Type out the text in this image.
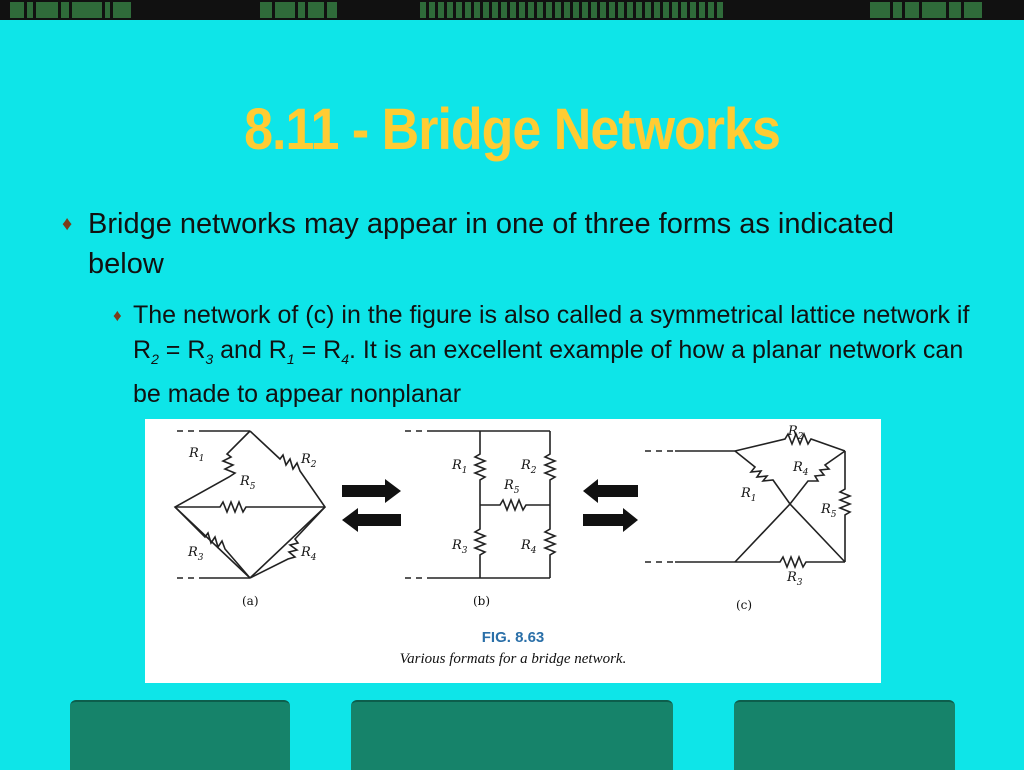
8.11 - Bridge Networks
♦ Bridge networks may appear in one of three forms as indicated below
♦ The network of (c) in the figure is also called a symmetrical lattice network if $R_2 = R_3$ and $R_1 = R_4$. It is an excellent example of how a planar network can be made to appear nonplanar
$R_1$	$R_2$
$R_5$
$R_3$	$R_4$
$R_1$	$R_2$
$R_5$
$R_3$	$R_4$
$R_2$
$R_4$
$R_1$
$R_5$
$R_3$
(a)	(b)	(c)
FIG. 8.63
Various formats for a bridge network.
